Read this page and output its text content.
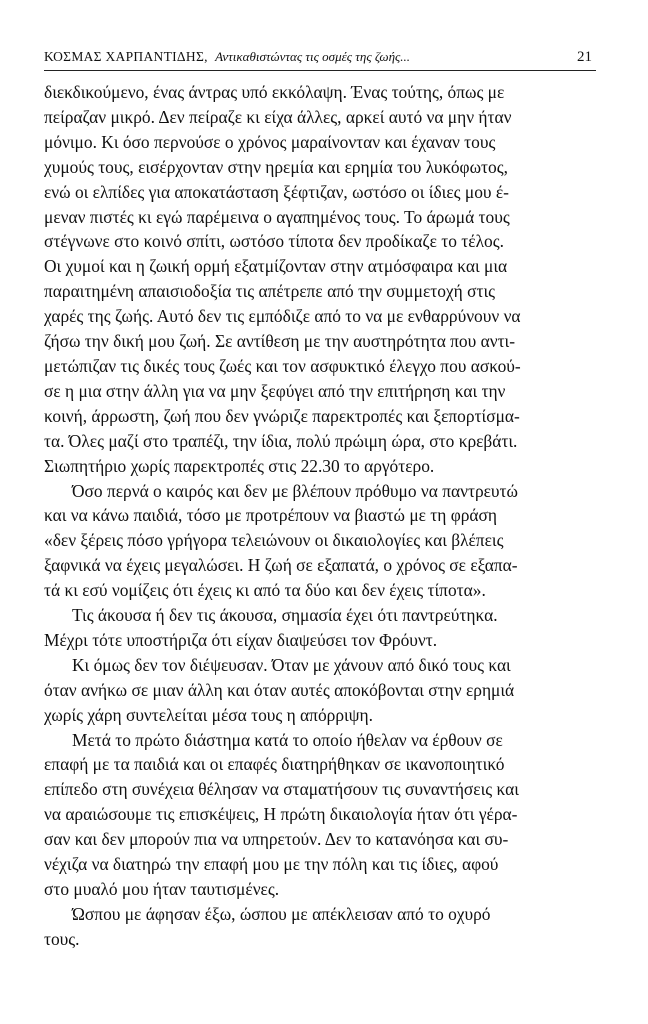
ΚΟΣΜΑΣ ΧΑΡΠΑΝΤΙΔΗΣ, Αντικαθιστώντας τις οσμές της ζωής...	21

διεκδικούμενο, ένας άντρας υπό εκκόλαψη. Ένας τούτης, όπως με
πείραζαν μικρό. Δεν πείραζε κι είχα άλλες, αρκεί αυτό να μην ήταν
μόνιμο. Κι όσο περνούσε ο χρόνος μαραίνονταν και έχαναν τους
χυμούς τους, εισέρχονταν στην ηρεμία και ερημία του λυκόφωτος,
ενώ οι ελπίδες για αποκατάσταση ξέφτιζαν, ωστόσο οι ίδιες μου έ-
μεναν πιστές κι εγώ παρέμεινα ο αγαπημένος τους. Το άρωμά τους
στέγνωνε στο κοινό σπίτι, ωστόσο τίποτα δεν προδίκαζε το τέλος.
Οι χυμοί και η ζωική ορμή εξατμίζονταν στην ατμόσφαιρα και μια
παραιτημένη απαισιοδοξία τις απέτρεπε από την συμμετοχή στις
χαρές της ζωής. Αυτό δεν τις εμπόδιζε από το να με ενθαρρύνουν να
ζήσω την δική μου ζωή. Σε αντίθεση με την αυστηρότητα που αντι-
μετώπιζαν τις δικές τους ζωές και τον ασφυκτικό έλεγχο που ασκού-
σε η μια στην άλλη για να μην ξεφύγει από την επιτήρηση και την
κοινή, άρρωστη, ζωή που δεν γνώριζε παρεκτροπές και ξεπορτίσμα-
τα. Όλες μαζί στο τραπέζι, την ίδια, πολύ πρώιμη ώρα, στο κρεβάτι.
Σιωπητήριο χωρίς παρεκτροπές στις 22.30 το αργότερο.

Όσο περνά ο καιρός και δεν με βλέπουν πρόθυμο να παντρευτώ
και να κάνω παιδιά, τόσο με προτρέπουν να βιαστώ με τη φράση
«δεν ξέρεις πόσο γρήγορα τελειώνουν οι δικαιολογίες και βλέπεις
ξαφνικά να έχεις μεγαλώσει. Η ζωή σε εξαπατά, ο χρόνος σε εξαπα-
τά κι εσύ νομίζεις ότι έχεις κι από τα δύο και δεν έχεις τίποτα».

Τις άκουσα ή δεν τις άκουσα, σημασία έχει ότι παντρεύτηκα.
Μέχρι τότε υποστήριζα ότι είχαν διαψεύσει τον Φρόυντ.

Κι όμως δεν τον διέψευσαν. Όταν με χάνουν από δικό τους και
όταν ανήκω σε μιαν άλλη και όταν αυτές αποκόβονται στην ερημιά
χωρίς χάρη συντελείται μέσα τους η απόρριψη.

Μετά το πρώτο διάστημα κατά το οποίο ήθελαν να έρθουν σε
επαφή με τα παιδιά και οι επαφές διατηρήθηκαν σε ικανοποιητικό
επίπεδο στη συνέχεια θέλησαν να σταματήσουν τις συναντήσεις και
να αραιώσουμε τις επισκέψεις, Η πρώτη δικαιολογία ήταν ότι γέρα-
σαν και δεν μπορούν πια να υπηρετούν. Δεν το κατανόησα και συ-
νέχιζα να διατηρώ την επαφή μου με την πόλη και τις ίδιες, αφού
στο μυαλό μου ήταν ταυτισμένες.

Ώσπου με άφησαν έξω, ώσπου με απέκλεισαν από το οχυρό
τους.
